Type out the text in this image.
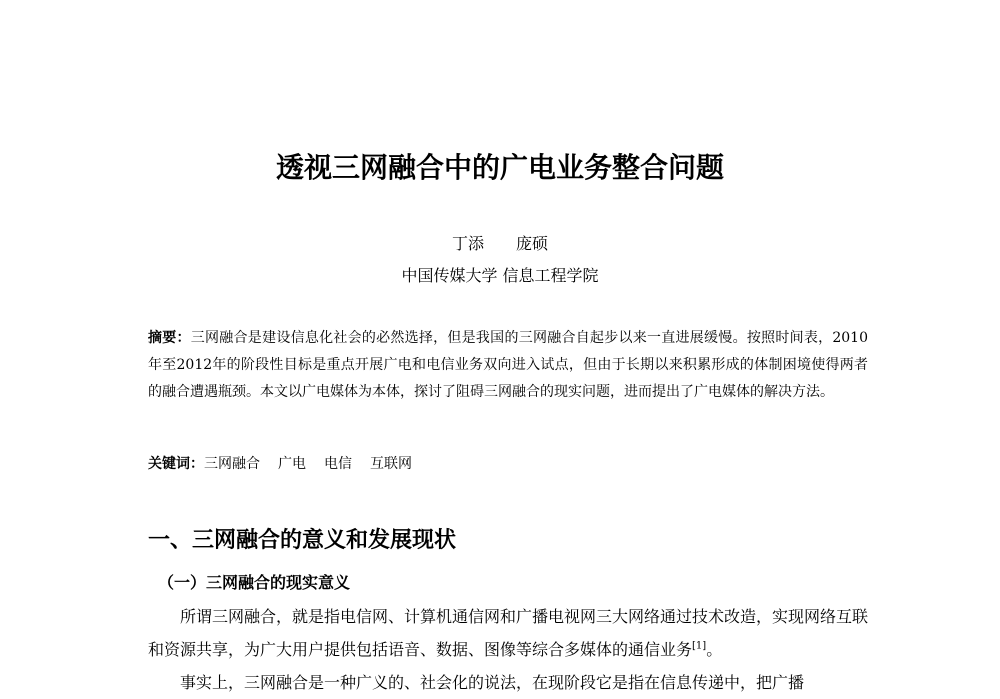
透视三网融合中的广电业务整合问题
丁添　　庞硕
中国传媒大学 信息工程学院
摘要：三网融合是建设信息化社会的必然选择，但是我国的三网融合自起步以来一直进展缓慢。按照时间表，2010年至2012年的阶段性目标是重点开展广电和电信业务双向进入试点，但由于长期以来积累形成的体制困境使得两者的融合遭遇瓶颈。本文以广电媒体为本体，探讨了阻碍三网融合的现实问题，进而提出了广电媒体的解决方法。
关键词：三网融合 广电 电信 互联网
一、三网融合的意义和发展现状
（一）三网融合的现实意义
所谓三网融合，就是指电信网、计算机通信网和广播电视网三大网络通过技术改造，实现网络互联和资源共享，为广大用户提供包括语音、数据、图像等综合多媒体的通信业务[1]。
事实上，三网融合是一种广义的、社会化的说法，在现阶段它是指在信息传递中，把广播
